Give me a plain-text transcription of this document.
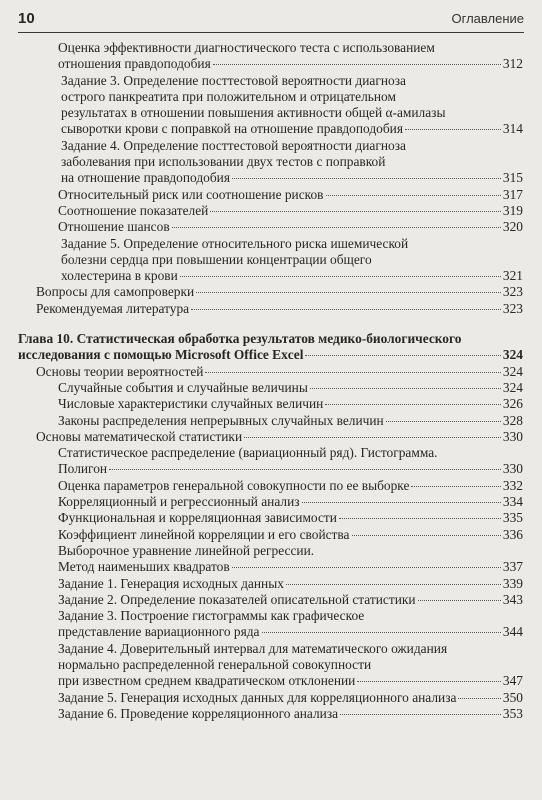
10	Оглавление
Оценка эффективности диагностического теста с использованием
отношения правдоподобия	312
Задание 3. Определение посттестовой вероятности диагноза
острого панкреатита при положительном и отрицательном
результатах в отношении повышения активности общей α-амилазы
сыворотки крови с поправкой на отношение правдоподобия	314
Задание 4. Определение посттестовой вероятности диагноза
заболевания при использовании двух тестов с поправкой
на отношение правдоподобия	315
Относительный риск или соотношение рисков	317
Соотношение показателей	319
Отношение шансов	320
Задание 5. Определение относительного риска ишемической
болезни сердца при повышении концентрации общего
холестерина в крови	321
Вопросы для самопроверки	323
Рекомендуемая литература	323
Глава 10. Статистическая обработка результатов медико-биологического
исследования с помощью Microsoft Office Excel	324
Основы теории вероятностей	324
Случайные события и случайные величины	324
Числовые характеристики случайных величин	326
Законы распределения непрерывных случайных величин	328
Основы математической статистики	330
Статистическое распределение (вариационный ряд). Гистограмма.
Полигон	330
Оценка параметров генеральной совокупности по ее выборке	332
Корреляционный и регрессионный анализ	334
Функциональная и корреляционная зависимости	335
Коэффициент линейной корреляции и его свойства	336
Выборочное уравнение линейной регрессии.
Метод наименьших квадратов	337
Задание 1. Генерация исходных данных	339
Задание 2. Определение показателей описательной статистики	343
Задание 3. Построение гистограммы как графическое
представление вариационного ряда	344
Задание 4. Доверительный интервал для математического ожидания
нормально распределенной генеральной совокупности
при известном среднем квадратическом отклонении	347
Задание 5. Генерация исходных данных для корреляционного анализа	350
Задание 6. Проведение корреляционного анализа	353
